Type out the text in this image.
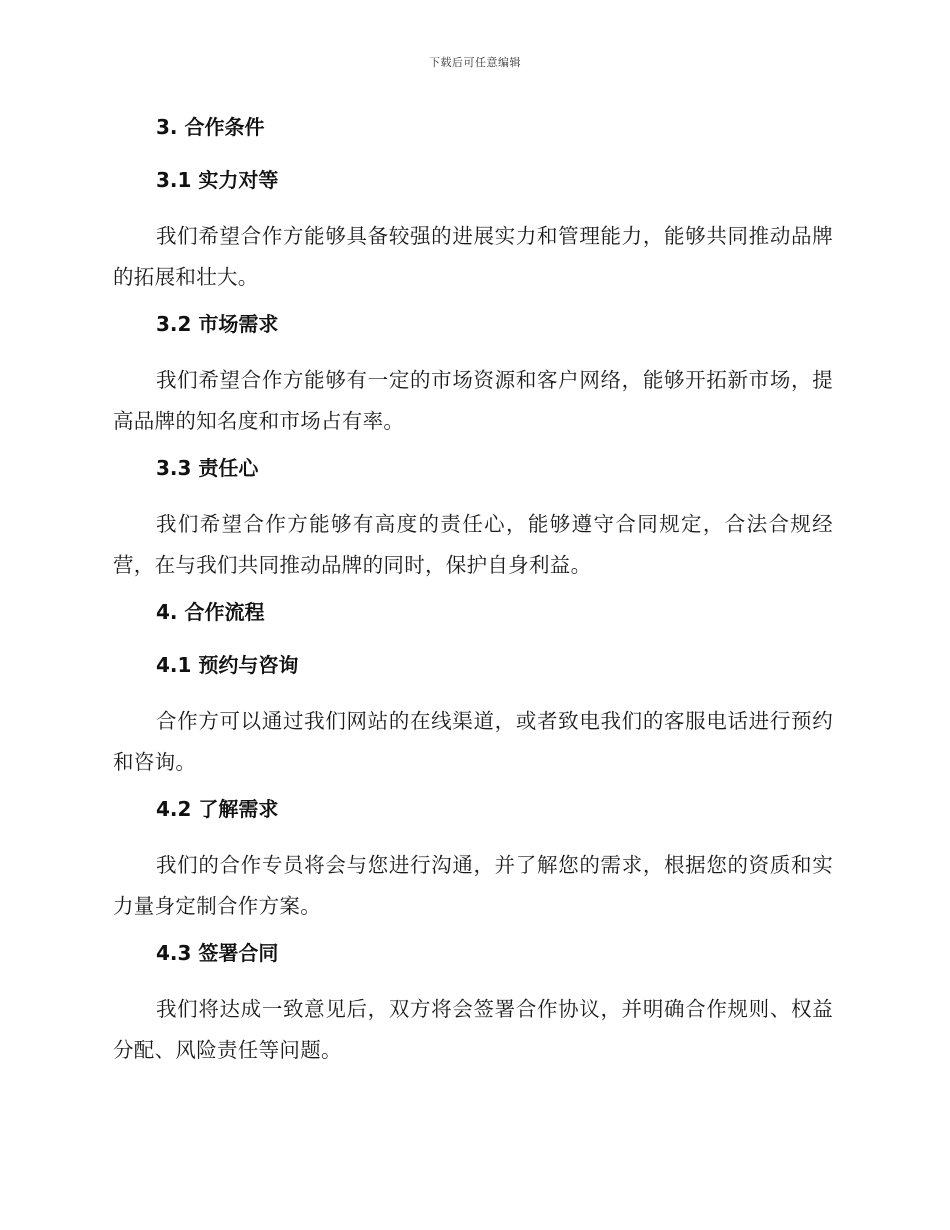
下载后可任意编辑
3. 合作条件
3.1 实力对等

我们希望合作方能够具备较强的进展实力和管理能力，能够共同推动品牌的拓展和壮大。

3.2 市场需求

我们希望合作方能够有一定的市场资源和客户网络，能够开拓新市场，提高品牌的知名度和市场占有率。

3.3 责任心

我们希望合作方能够有高度的责任心，能够遵守合同规定，合法合规经营，在与我们共同推动品牌的同时，保护自身利益。

4. 合作流程
4.1 预约与咨询

合作方可以通过我们网站的在线渠道，或者致电我们的客服电话进行预约和咨询。

4.2 了解需求

我们的合作专员将会与您进行沟通，并了解您的需求，根据您的资质和实力量身定制合作方案。

4.3 签署合同

我们将达成一致意见后，双方将会签署合作协议，并明确合作规则、权益分配、风险责任等问题。
